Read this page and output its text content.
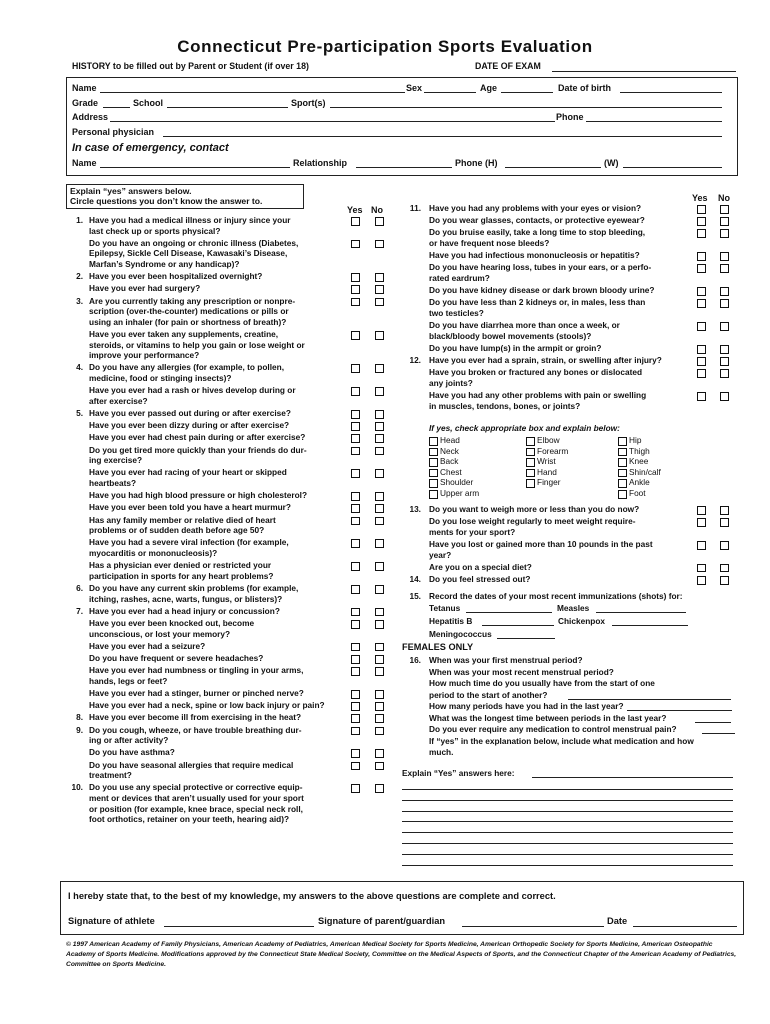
Connecticut Pre-participation Sports Evaluation
HISTORY to be filled out by Parent or Student (if over 18)	DATE OF EXAM
Name	Sex	Age	Date of birth
Grade	School	Sport(s)
Address	Phone
Personal physician
In case of emergency, contact
Name	Relationship	Phone (H)	(W)
Explain “yes” answers below.
Circle questions you don’t know the answer to.
Yes No
Yes No
1. Have you had a medical illness or injury since your
last check up or sports physical?
Do you have an ongoing or chronic illness (Diabetes,
Epilepsy, Sickle Cell Disease, Kawasaki’s Disease,
Marfan’s Syndrome or any handicap)?
2. Have you ever been hospitalized overnight?
Have you ever had surgery?
3. Are you currently taking any prescription or nonpre-
scription (over-the-counter) medications or pills or
using an inhaler (for pain or shortness of breath)?
Have you ever taken any supplements, creatine,
steroids, or vitamins to help you gain or lose weight or
improve your performance?
4. Do you have any allergies (for example, to pollen,
medicine, food or stinging insects)?
Have you ever had a rash or hives develop during or
after exercise?
5. Have you ever passed out during or after exercise?
Have you ever been dizzy during or after exercise?
Have you ever had chest pain during or after exercise?
Do you get tired more quickly than your friends do dur-
ing exercise?
Have you ever had racing of your heart or skipped
heartbeats?
Have you had high blood pressure or high cholesterol?
Have you ever been told you have a heart murmur?
Has any family member or relative died of heart
problems or of sudden death before age 50?
Have you had a severe viral infection (for example,
myocarditis or mononucleosis)?
Has a physician ever denied or restricted your
participation in sports for any heart problems?
6. Do you have any current skin problems (for example,
itching, rashes, acne, warts, fungus, or blisters)?
7. Have you ever had a head injury or concussion?
Have you ever been knocked out, become
unconscious, or lost your memory?
Have you ever had a seizure?
Do you have frequent or severe headaches?
Have you ever had numbness or tingling in your arms,
hands, legs or feet?
Have you ever had a stinger, burner or pinched nerve?
Have you ever had a neck, spine or low back injury or pain?
8. Have you ever become ill from exercising in the heat?
9. Do you cough, wheeze, or have trouble breathing dur-
ing or after activity?
Do you have asthma?
Do you have seasonal allergies that require medical
treatment?
10. Do you use any special protective or corrective equip-
ment or devices that aren’t usually used for your sport
or position (for example, knee brace, special neck roll,
foot orthotics, retainer on your teeth, hearing aid)?
11. Have you had any problems with your eyes or vision?
Do you wear glasses, contacts, or protective eyewear?
Do you bruise easily, take a long time to stop bleeding,
or have frequent nose bleeds?
Have you had infectious mononucleosis or hepatitis?
Do you have hearing loss, tubes in your ears, or a perfo-
rated eardrum?
Do you have kidney disease or dark brown bloody urine?
Do you have less than 2 kidneys or, in males, less than
two testicles?
Do you have diarrhea more than once a week, or
black/bloody bowel movements (stools)?
Do you have lump(s) in the armpit or groin?
12. Have you ever had a sprain, strain, or swelling after injury?
Have you broken or fractured any bones or dislocated
any joints?
Have you had any other problems with pain or swelling
in muscles, tendons, bones, or joints?
If yes, check appropriate box and explain below:
Head	Elbow	Hip
Neck	Forearm	Thigh
Back	Wrist	Knee
Chest	Hand	Shin/calf
Shoulder	Finger	Ankle
Upper arm	Foot
13. Do you want to weigh more or less than you do now?
Do you lose weight regularly to meet weight require-
ments for your sport?
Have you lost or gained more than 10 pounds in the past
year?
Are you on a special diet?
14. Do you feel stressed out?
15. Record the dates of your most recent immunizations (shots) for:
Tetanus	Measles
Hepatitis B	Chickenpox
Meningococcus
FEMALES ONLY
16. When was your first menstrual period?
When was your most recent menstrual period?
How much time do you usually have from the start of one
period to the start of another?
How many periods have you had in the last year?
What was the longest time between periods in the last year?
Do you ever require any medication to control menstrual pain?
If “yes” in the explanation below, include what medication and how
much.
Explain “Yes” answers here:
I hereby state that, to the best of my knowledge, my answers to the above questions are complete and correct.
Signature of athlete	Signature of parent/guardian	Date
© 1997 American Academy of Family Physicians, American Academy of Pediatrics, American Medical Society for Sports Medicine, American Orthopedic Society for Sports Medicine, American Osteopathic Academy of Sports Medicine. Modifications approved by the Connecticut State Medical Society, Committee on the Medical Aspects of Sports, and the Connecticut Chapter of the American Academy of Pediatrics, Committee on Sports Medicine.
